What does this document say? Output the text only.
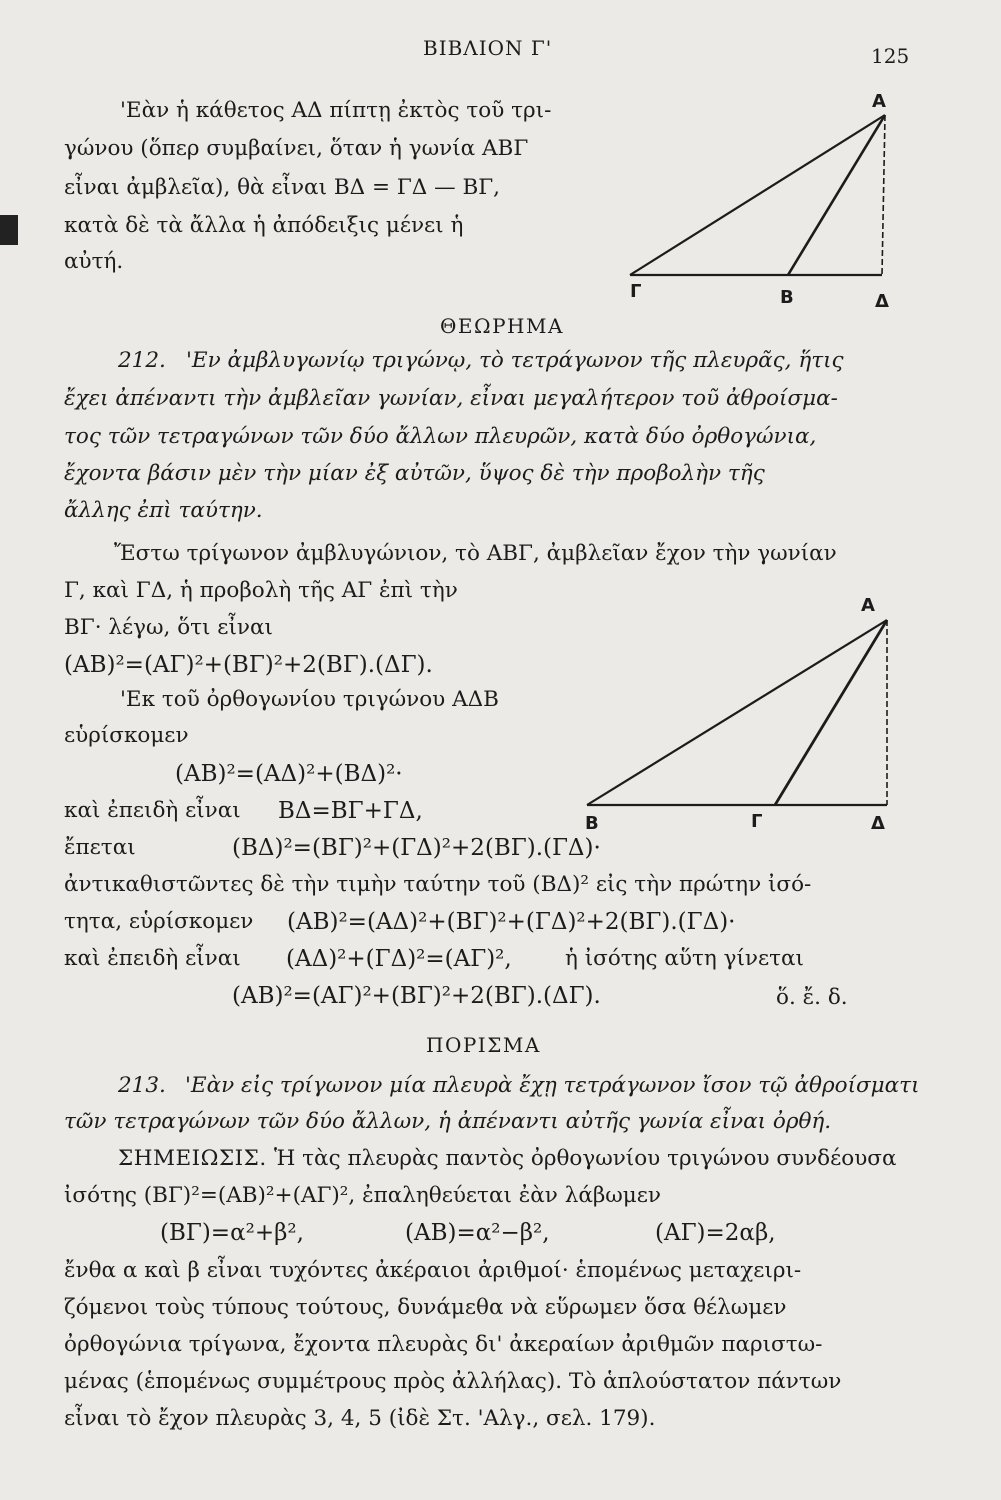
ΒΙΒΛΙΟΝ Γ'	125
'Εὰν ἡ κάθετος ΑΔ πίπτῃ ἐκτὸς τοῦ τρι-
γώνου (ὅπερ συμβαίνει, ὅταν ἡ γωνία ΑΒΓ
εἶναι ἀμβλεῖα), θὰ εἶναι ΒΔ = ΓΔ — ΒΓ,
κατὰ δὲ τὰ ἄλλα ἡ ἀπόδειξις μένει ἡ
αὐτή.
Α
Γ	Β	Δ
ΘΕΩΡΗΜΑ
212. 'Εν ἀμβλυγωνίῳ τριγώνῳ, τὸ τετράγωνον τῆς πλευρᾶς, ἥτις
ἔχει ἀπέναντι τὴν ἀμβλεῖαν γωνίαν, εἶναι μεγαλήτερον τοῦ ἀθροίσμα-
τος τῶν τετραγώνων τῶν δύο ἄλλων πλευρῶν, κατὰ δύο ὀρθογώνια,
ἔχοντα βάσιν μὲν τὴν μίαν ἐξ αὐτῶν, ὕψος δὲ τὴν προβολὴν τῆς
ἄλλης ἐπὶ ταύτην.
Ἔστω τρίγωνον ἀμβλυγώνιον, τὸ ΑΒΓ, ἀμβλεῖαν ἔχον τὴν γωνίαν
Γ, καὶ ΓΔ, ἡ προβολὴ τῆς ΑΓ ἐπὶ τὴν
ΒΓ· λέγω, ὅτι εἶναι
(ΑΒ)²=(ΑΓ)²+(ΒΓ)²+2(ΒΓ).(ΔΓ).
'Εκ τοῦ ὀρθογωνίου τριγώνου ΑΔΒ
εὑρίσκομεν
(ΑΒ)²=(ΑΔ)²+(ΒΔ)²·
καὶ ἐπειδὴ εἶναι ΒΔ=ΒΓ+ΓΔ,
ἔπεται	(ΒΔ)²=(ΒΓ)²+(ΓΔ)²+2(ΒΓ).(ΓΔ)·
ἀντικαθιστῶντες δὲ τὴν τιμὴν ταύτην τοῦ (ΒΔ)² εἰς τὴν πρώτην ἰσό-
τητα, εὑρίσκομεν (ΑΒ)²=(ΑΔ)²+(ΒΓ)²+(ΓΔ)²+2(ΒΓ).(ΓΔ)·
καὶ ἐπειδὴ εἶναι (ΑΔ)²+(ΓΔ)²=(ΑΓ)², ἡ ἰσότης αὕτη γίνεται
(ΑΒ)²=(ΑΓ)²+(ΒΓ)²+2(ΒΓ).(ΔΓ).	ὅ. ἔ. δ.
Α
Β	Γ	Δ
ΠΟΡΙΣΜΑ
213. 'Εὰν εἰς τρίγωνον μία πλευρὰ ἔχῃ τετράγωνον ἴσον τῷ ἀθροίσματι
τῶν τετραγώνων τῶν δύο ἄλλων, ἡ ἀπέναντι αὐτῆς γωνία εἶναι ὀρθή.
ΣΗΜΕΙΩΣΙΣ. Ἡ τὰς πλευρὰς παντὸς ὀρθογωνίου τριγώνου συνδέουσα
ἰσότης (ΒΓ)²=(ΑΒ)²+(ΑΓ)², ἐπαληθεύεται ἐὰν λάβωμεν
(ΒΓ)=α²+β²,	(ΑΒ)=α²−β²,	(ΑΓ)=2αβ,
ἔνθα α καὶ β εἶναι τυχόντες ἀκέραιοι ἀριθμοί· ἑπομένως μεταχειρι-
ζόμενοι τοὺς τύπους τούτους, δυνάμεθα νὰ εὕρωμεν ὅσα θέλωμεν
ὀρθογώνια τρίγωνα, ἔχοντα πλευρὰς δι' ἀκεραίων ἀριθμῶν παριστω-
μένας (ἑπομένως συμμέτρους πρὸς ἀλλήλας). Τὸ ἁπλούστατον πάντων
εἶναι τὸ ἔχον πλευρὰς 3, 4, 5 (ἰδὲ Στ. 'Αλγ., σελ. 179).
